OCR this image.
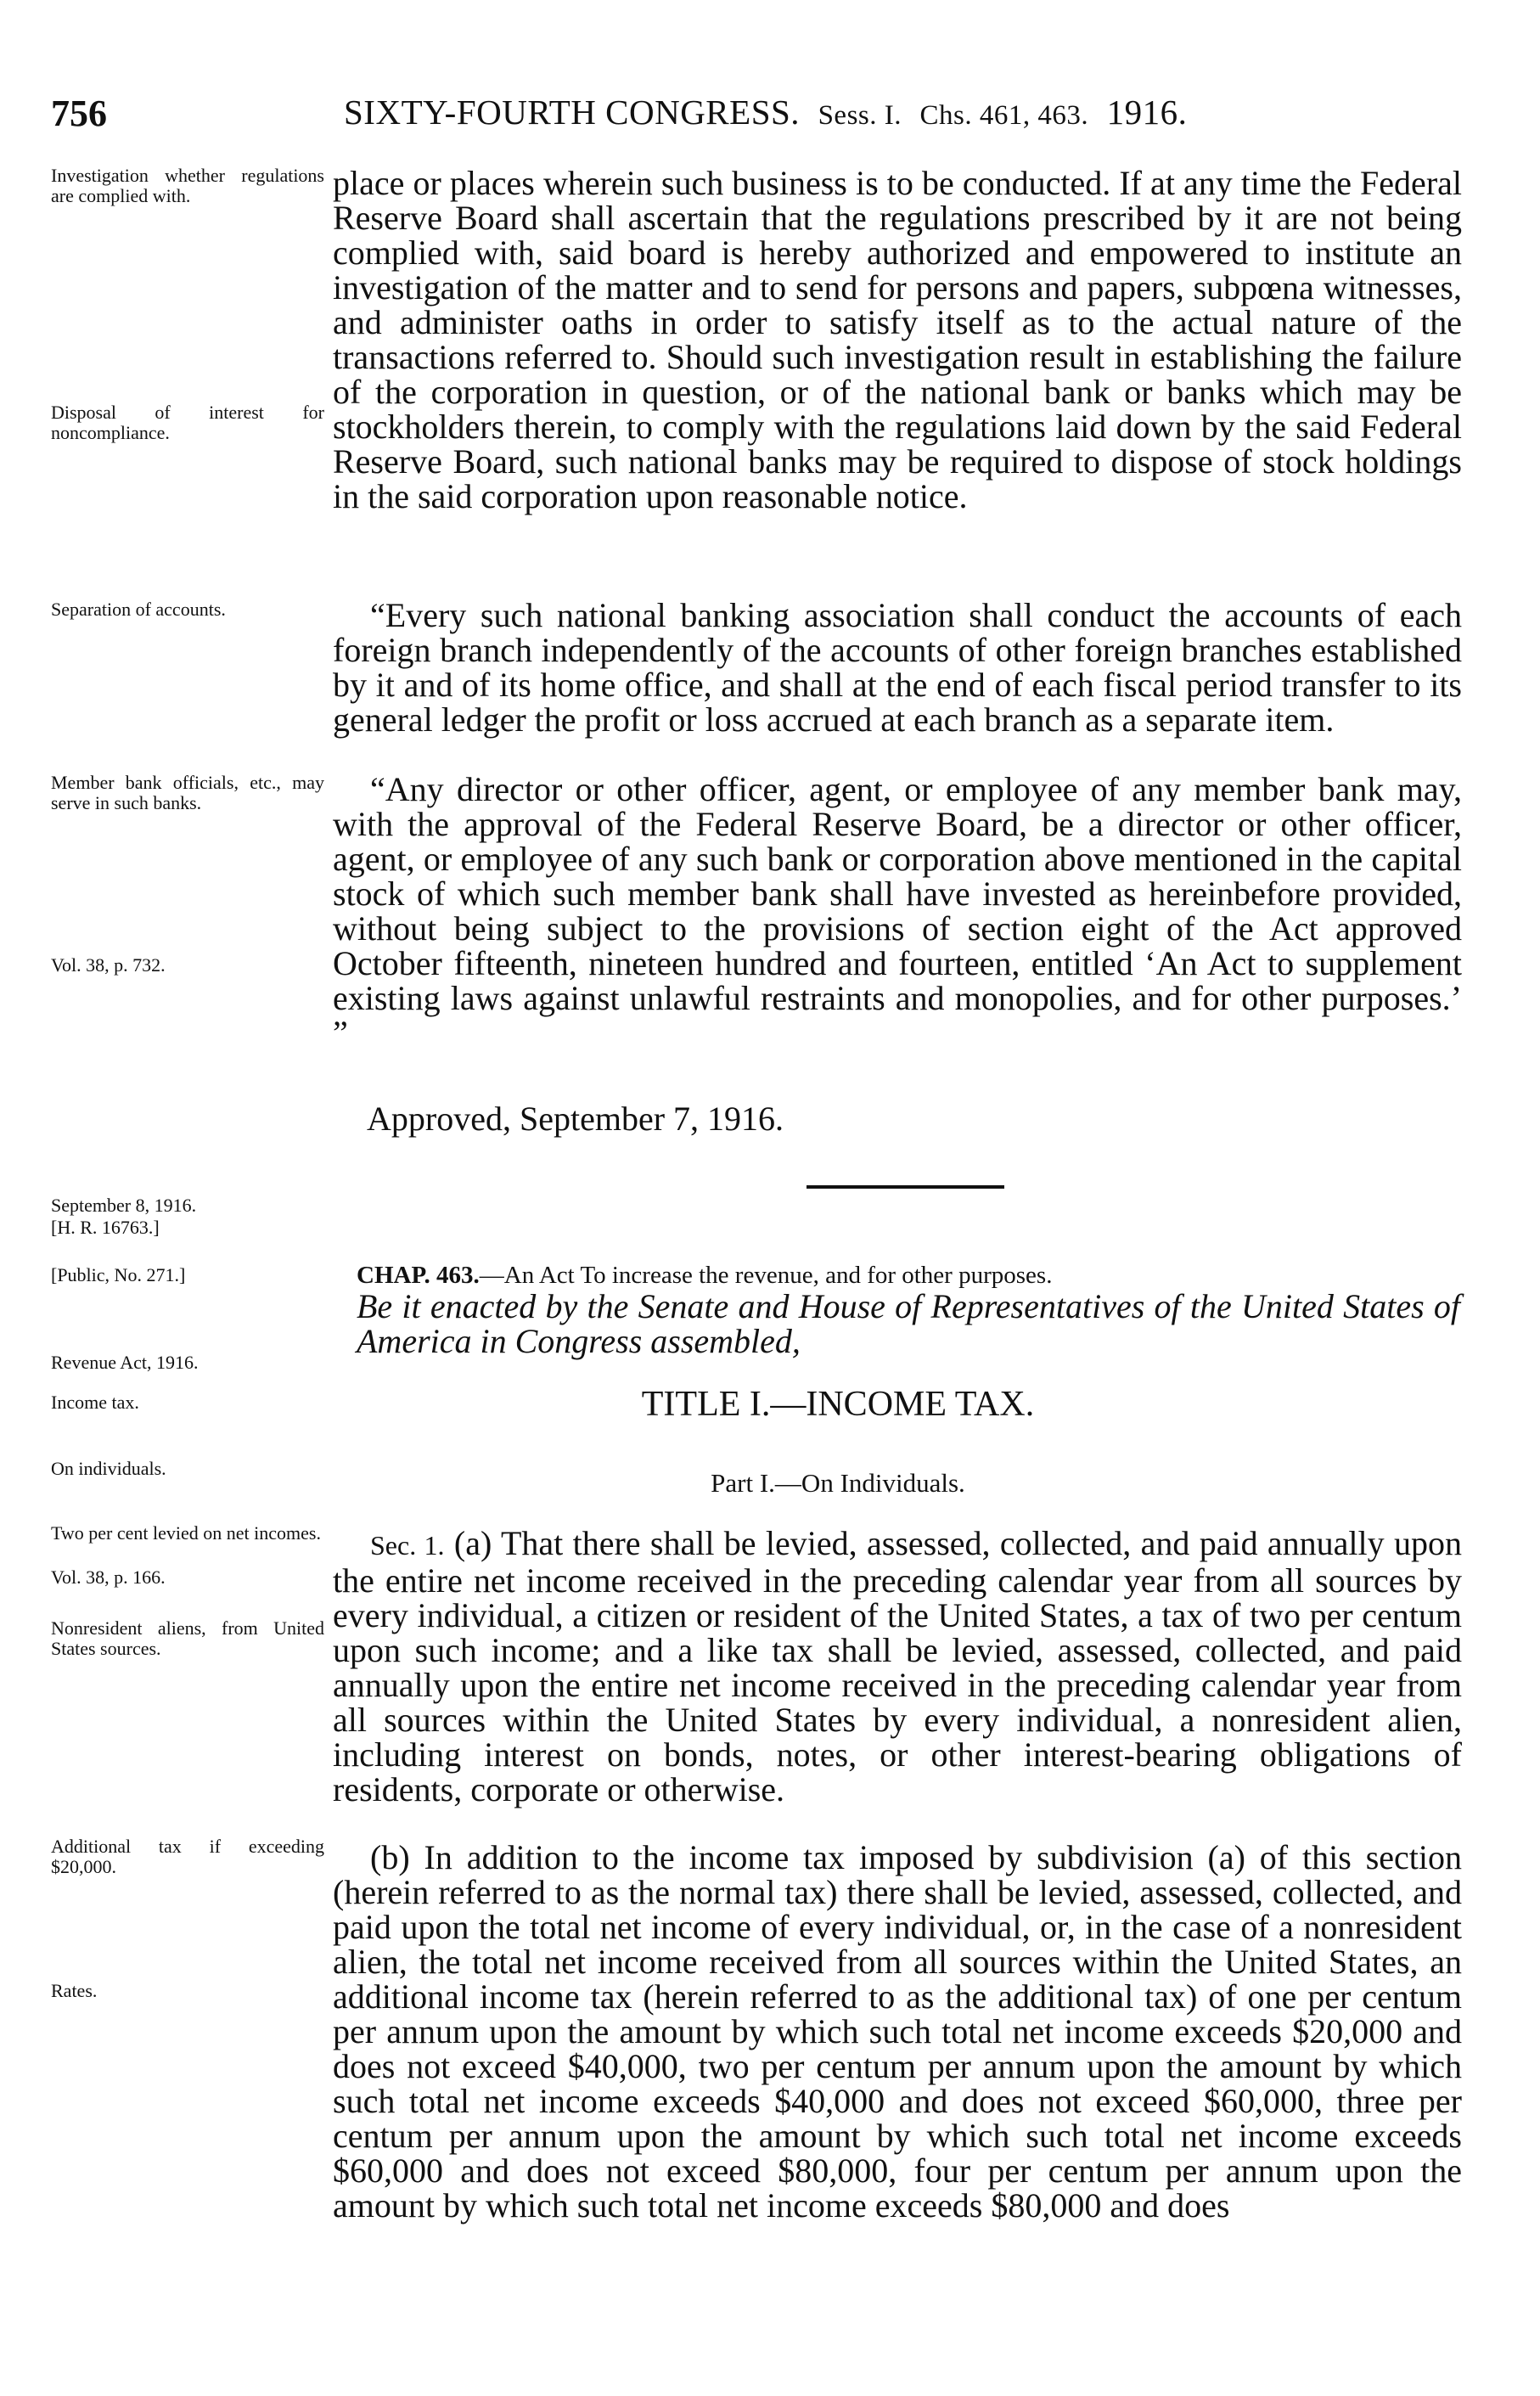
756	SIXTY-FOURTH CONGRESS. Sess. I. Chs. 461, 463. 1916.
Investigation whether regulations are complied with.
Disposal of interest for noncompliance.
Separation of accounts.
Member bank officials, etc., may serve in such banks.
Vol. 38, p. 732.
September 8, 1916.
[H. R. 16763.]
[Public, No. 271.]
Revenue Act, 1916.
Income tax.
On individuals.
Two per cent levied on net incomes.
Vol. 38, p. 166.
Nonresident aliens, from United States sources.
Additional tax if exceeding $20,000.
Rates.

place or places wherein such business is to be conducted. If at any time the Federal Reserve Board shall ascertain that the regulations prescribed by it are not being complied with, said board is hereby authorized and empowered to institute an investigation of the matter and to send for persons and papers, subpœna witnesses, and administer oaths in order to satisfy itself as to the actual nature of the transactions referred to. Should such investigation result in establishing the failure of the corporation in question, or of the national bank or banks which may be stockholders therein, to comply with the regulations laid down by the said Federal Reserve Board, such national banks may be required to dispose of stock holdings in the said corporation upon reasonable notice.

“Every such national banking association shall conduct the accounts of each foreign branch independently of the accounts of other foreign branches established by it and of its home office, and shall at the end of each fiscal period transfer to its general ledger the profit or loss accrued at each branch as a separate item.

“Any director or other officer, agent, or employee of any member bank may, with the approval of the Federal Reserve Board, be a director or other officer, agent, or employee of any such bank or corporation above mentioned in the capital stock of which such member bank shall have invested as hereinbefore provided, without being subject to the provisions of section eight of the Act approved October fifteenth, nineteen hundred and fourteen, entitled ‘An Act to supplement existing laws against unlawful restraints and monopolies, and for other purposes.’ ”

Approved, September 7, 1916.
CHAP. 463.—An Act To increase the revenue, and for other purposes.
Be it enacted by the Senate and House of Representatives of the United States of America in Congress assembled,
TITLE I.—INCOME TAX.
Part I.—On Individuals.

Sec. 1. (a) That there shall be levied, assessed, collected, and paid annually upon the entire net income received in the preceding calendar year from all sources by every individual, a citizen or resident of the United States, a tax of two per centum upon such income; and a like tax shall be levied, assessed, collected, and paid annually upon the entire net income received in the preceding calendar year from all sources within the United States by every individual, a nonresident alien, including interest on bonds, notes, or other interest-bearing obligations of residents, corporate or otherwise.

(b) In addition to the income tax imposed by subdivision (a) of this section (herein referred to as the normal tax) there shall be levied, assessed, collected, and paid upon the total net income of every individual, or, in the case of a nonresident alien, the total net income received from all sources within the United States, an additional income tax (herein referred to as the additional tax) of one per centum per annum upon the amount by which such total net income exceeds $20,000 and does not exceed $40,000, two per centum per annum upon the amount by which such total net income exceeds $40,000 and does not exceed $60,000, three per centum per annum upon the amount by which such total net income exceeds $60,000 and does not exceed $80,000, four per centum per annum upon the amount by which such total net income exceeds $80,000 and does
